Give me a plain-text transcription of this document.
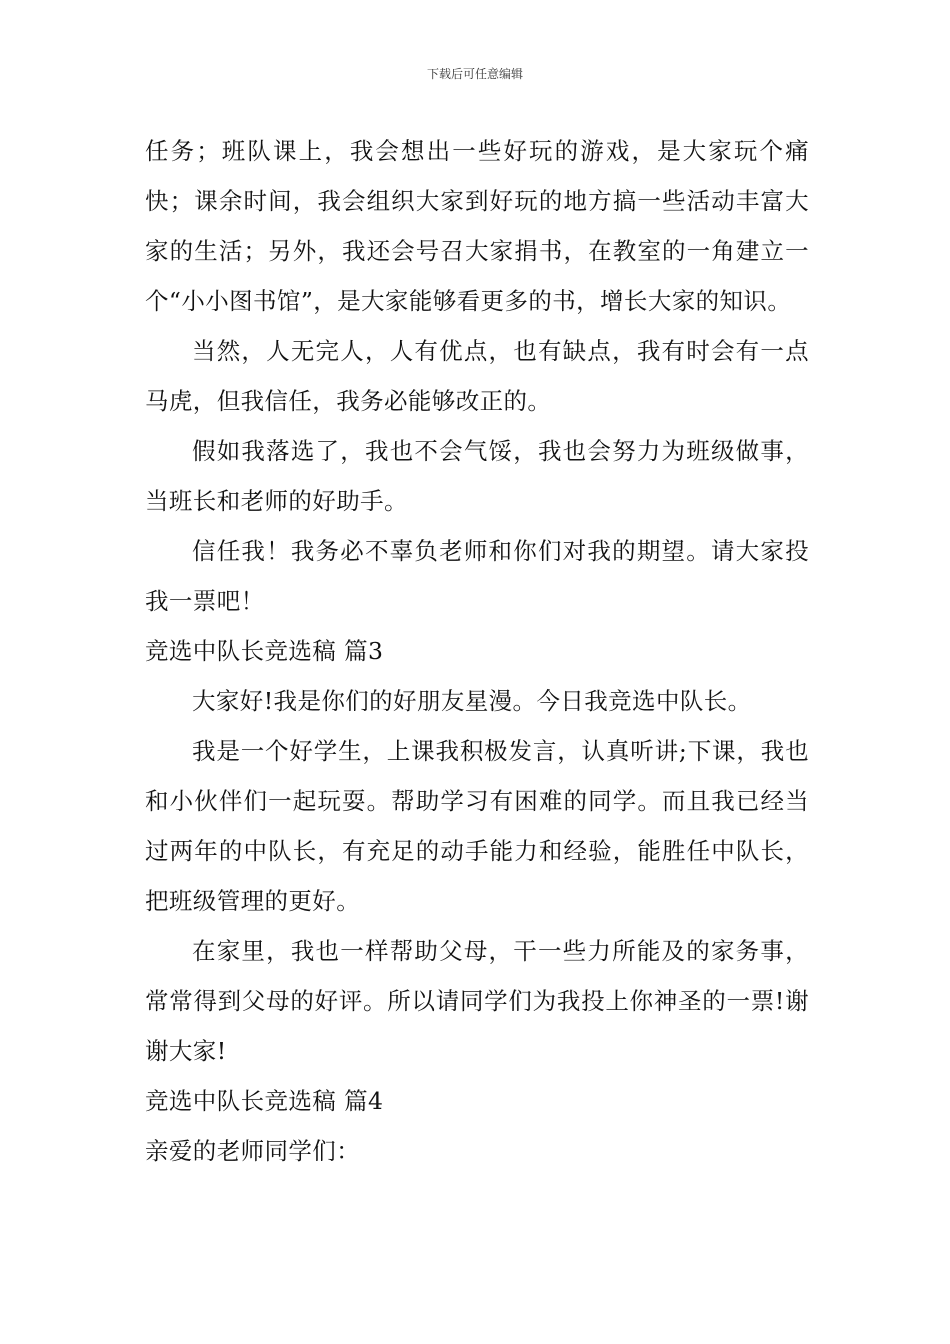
下载后可任意编辑

任务；班队课上，我会想出一些好玩的游戏，是大家玩个痛快；课余时间，我会组织大家到好玩的地方搞一些活动丰富大家的生活；另外，我还会号召大家捐书，在教室的一角建立一个“小小图书馆”，是大家能够看更多的书，增长大家的知识。

当然，人无完人，人有优点，也有缺点，我有时会有一点马虎，但我信任，我务必能够改正的。

假如我落选了，我也不会气馁，我也会努力为班级做事，当班长和老师的好助手。

信任我！我务必不辜负老师和你们对我的期望。请大家投我一票吧！

竞选中队长竞选稿 篇3

大家好!我是你们的好朋友星漫。今日我竞选中队长。

我是一个好学生，上课我积极发言，认真听讲;下课，我也和小伙伴们一起玩耍。帮助学习有困难的同学。而且我已经当过两年的中队长，有充足的动手能力和经验，能胜任中队长，把班级管理的更好。

在家里，我也一样帮助父母，干一些力所能及的家务事，常常得到父母的好评。所以请同学们为我投上你神圣的一票!谢谢大家!

竞选中队长竞选稿 篇4

亲爱的老师同学们：
